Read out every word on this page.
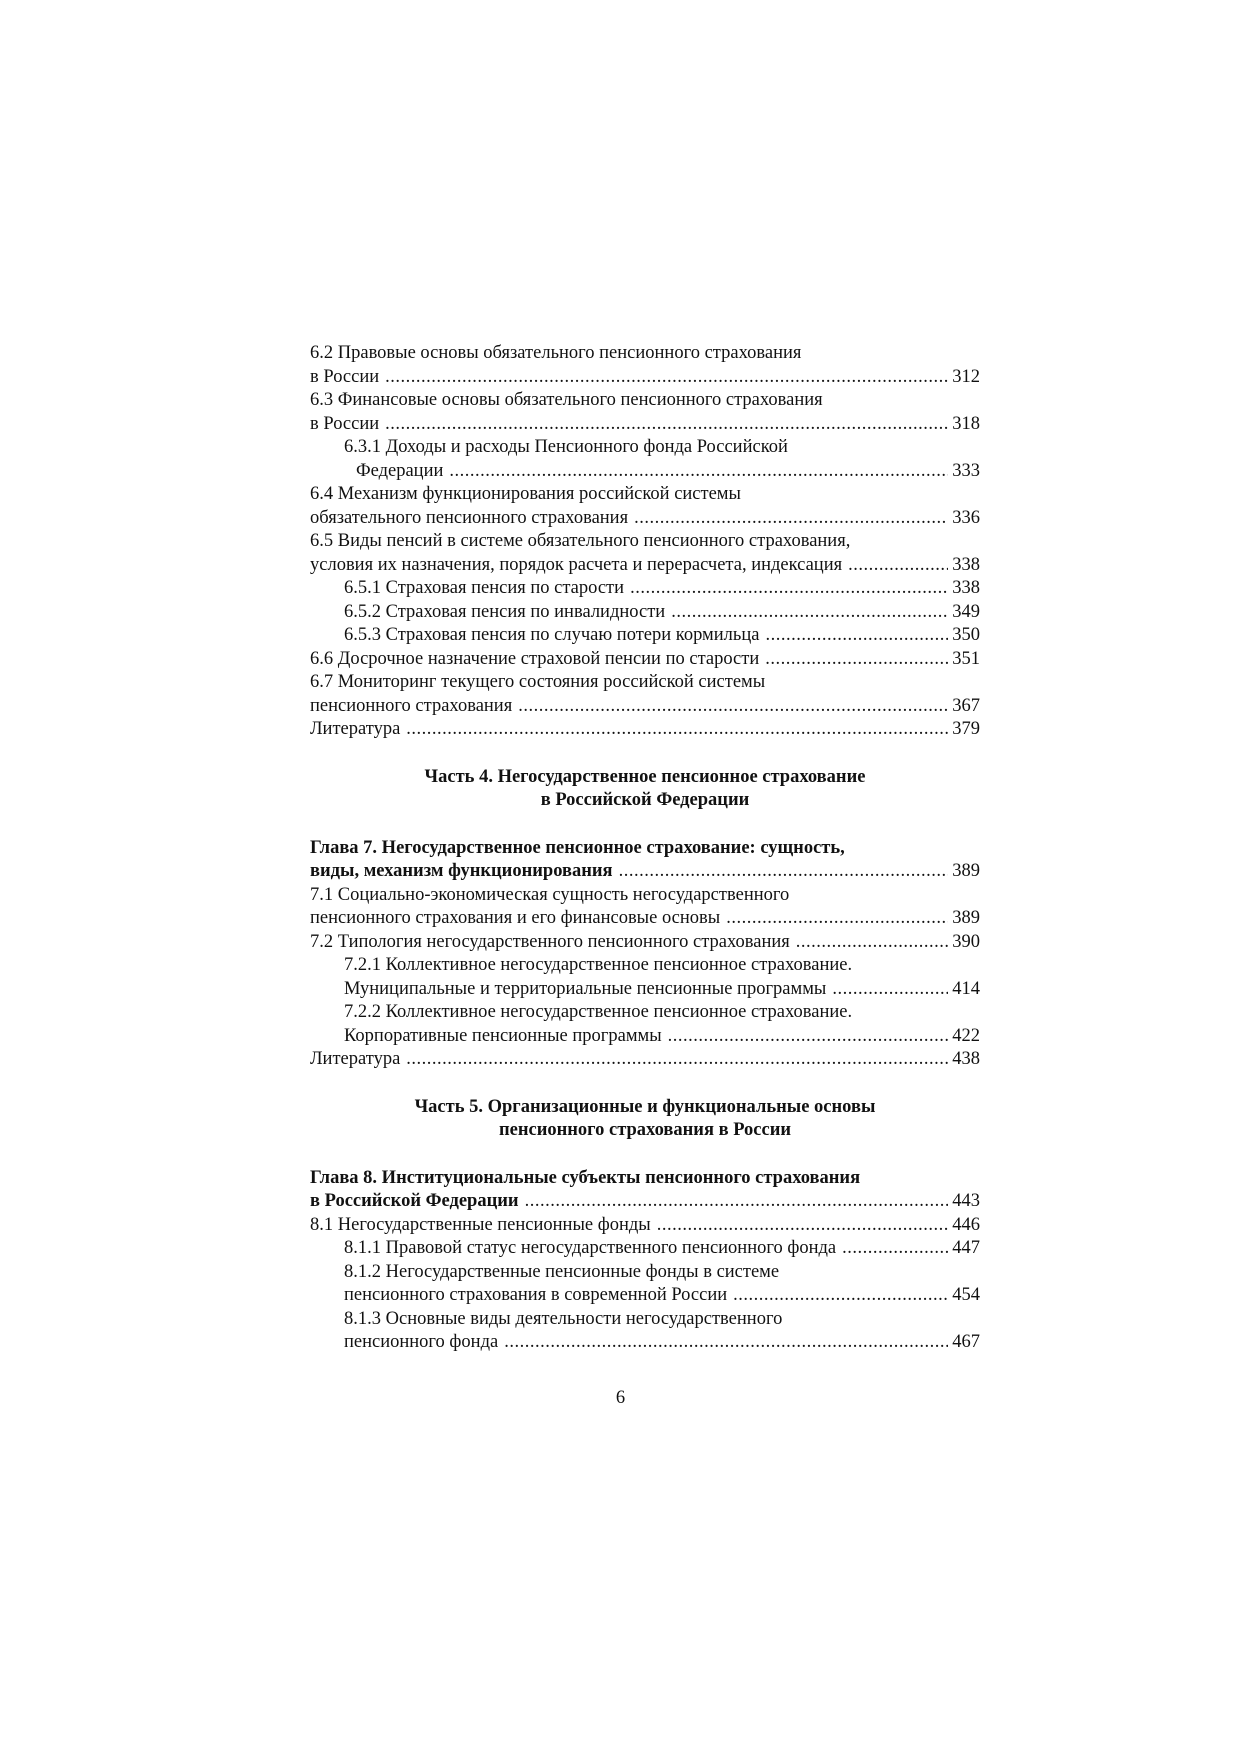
6.2 Правовые основы обязательного пенсионного страхования
в России .....	312
6.3 Финансовые основы обязательного пенсионного страхования
в России .....	318
6.3.1 Доходы и расходы Пенсионного фонда Российской
Федерации .....	333
6.4 Механизм функционирования российской системы
обязательного пенсионного страхования .....	336
6.5 Виды пенсий в системе обязательного пенсионного страхования,
условия их назначения, порядок расчета и перерасчета, индексация .....	338
6.5.1 Страховая пенсия по старости .....	338
6.5.2 Страховая пенсия по инвалидности .....	349
6.5.3 Страховая пенсия по случаю потери кормильца .....	350
6.6 Досрочное назначение страховой пенсии по старости .....	351
6.7 Мониторинг текущего состояния российской системы
пенсионного страхования .....	367
Литература .....	379
Часть 4. Негосударственное пенсионное страхование
в Российской Федерации
Глава 7. Негосударственное пенсионное страхование: сущность,
виды, механизм функционирования .....	389
7.1 Социально-экономическая сущность негосударственного
пенсионного страхования и его финансовые основы .....	389
7.2 Типология негосударственного пенсионного страхования .....	390
7.2.1 Коллективное негосударственное пенсионное страхование.
Муниципальные и территориальные пенсионные программы .....	414
7.2.2 Коллективное негосударственное пенсионное страхование.
Корпоративные пенсионные программы .....	422
Литература .....	438
Часть 5. Организационные и функциональные основы
пенсионного страхования в России
Глава 8. Институциональные субъекты пенсионного страхования
в Российской Федерации .....	443
8.1 Негосударственные пенсионные фонды .....	446
8.1.1 Правовой статус негосударственного пенсионного фонда .....	447
8.1.2 Негосударственные пенсионные фонды в системе
пенсионного страхования в современной России .....	454
8.1.3 Основные виды деятельности негосударственного
пенсионного фонда .....	467
6
